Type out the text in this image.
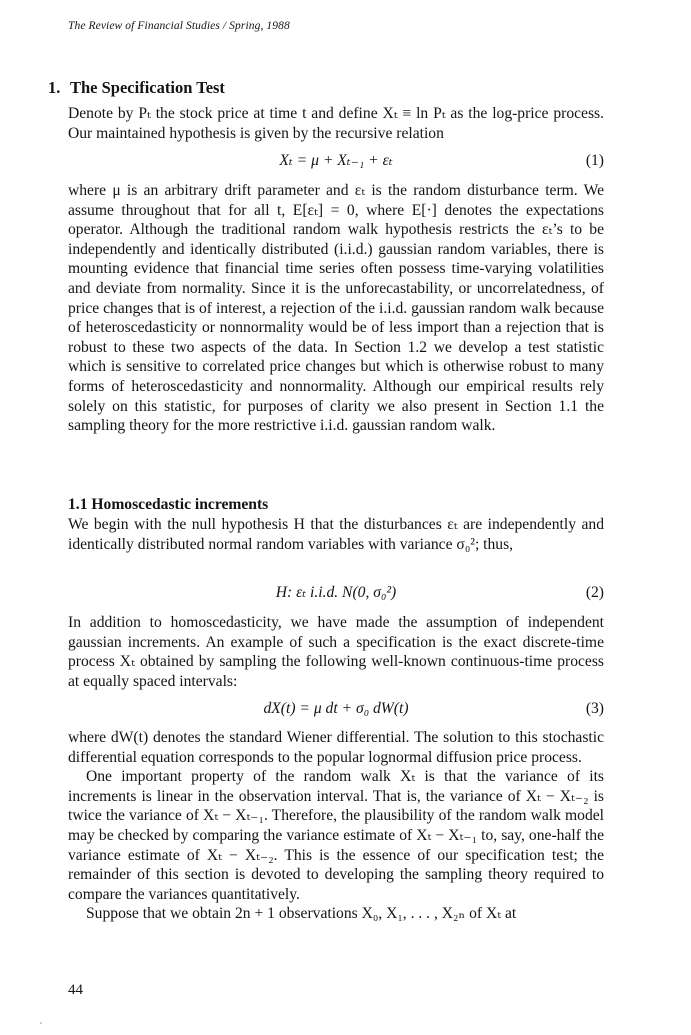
The Review of Financial Studies / Spring, 1988
1. The Specification Test

Denote by Pₜ the stock price at time t and define Xₜ ≡ ln Pₜ as the log-price process. Our maintained hypothesis is given by the recursive relation

Xₜ = μ + Xₜ₋₁ + εₜ	(1)

where μ is an arbitrary drift parameter and εₜ is the random disturbance term. We assume throughout that for all t, E[εₜ] = 0, where E[·] denotes the expectations operator. Although the traditional random walk hypothesis restricts the εₜ’s to be independently and identically distributed (i.i.d.) gaussian random variables, there is mounting evidence that financial time series often possess time-varying volatilities and deviate from normality. Since it is the unforecastability, or uncorrelatedness, of price changes that is of interest, a rejection of the i.i.d. gaussian random walk because of heteroscedasticity or nonnormality would be of less import than a rejection that is robust to these two aspects of the data. In Section 1.2 we develop a test statistic which is sensitive to correlated price changes but which is otherwise robust to many forms of heteroscedasticity and nonnormality. Although our empirical results rely solely on this statistic, for purposes of clarity we also present in Section 1.1 the sampling theory for the more restrictive i.i.d. gaussian random walk.

1.1 Homoscedastic increments

We begin with the null hypothesis H that the disturbances εₜ are independently and identically distributed normal random variables with variance σ₀²; thus,

H: εₜ i.i.d. N(0, σ₀²)	(2)

In addition to homoscedasticity, we have made the assumption of independent gaussian increments. An example of such a specification is the exact discrete-time process Xₜ obtained by sampling the following well-known continuous-time process at equally spaced intervals:

dX(t) = μ dt + σ₀ dW(t)	(3)

where dW(t) denotes the standard Wiener differential. The solution to this stochastic differential equation corresponds to the popular lognormal diffusion price process.

One important property of the random walk Xₜ is that the variance of its increments is linear in the observation interval. That is, the variance of Xₜ − Xₜ₋₂ is twice the variance of Xₜ − Xₜ₋₁. Therefore, the plausibility of the random walk model may be checked by comparing the variance estimate of Xₜ − Xₜ₋₁ to, say, one-half the variance estimate of Xₜ − Xₜ₋₂. This is the essence of our specification test; the remainder of this section is devoted to developing the sampling theory required to compare the variances quantitatively.

Suppose that we obtain 2n + 1 observations X₀, X₁, . . . , X₂ₙ of Xₜ at

44
